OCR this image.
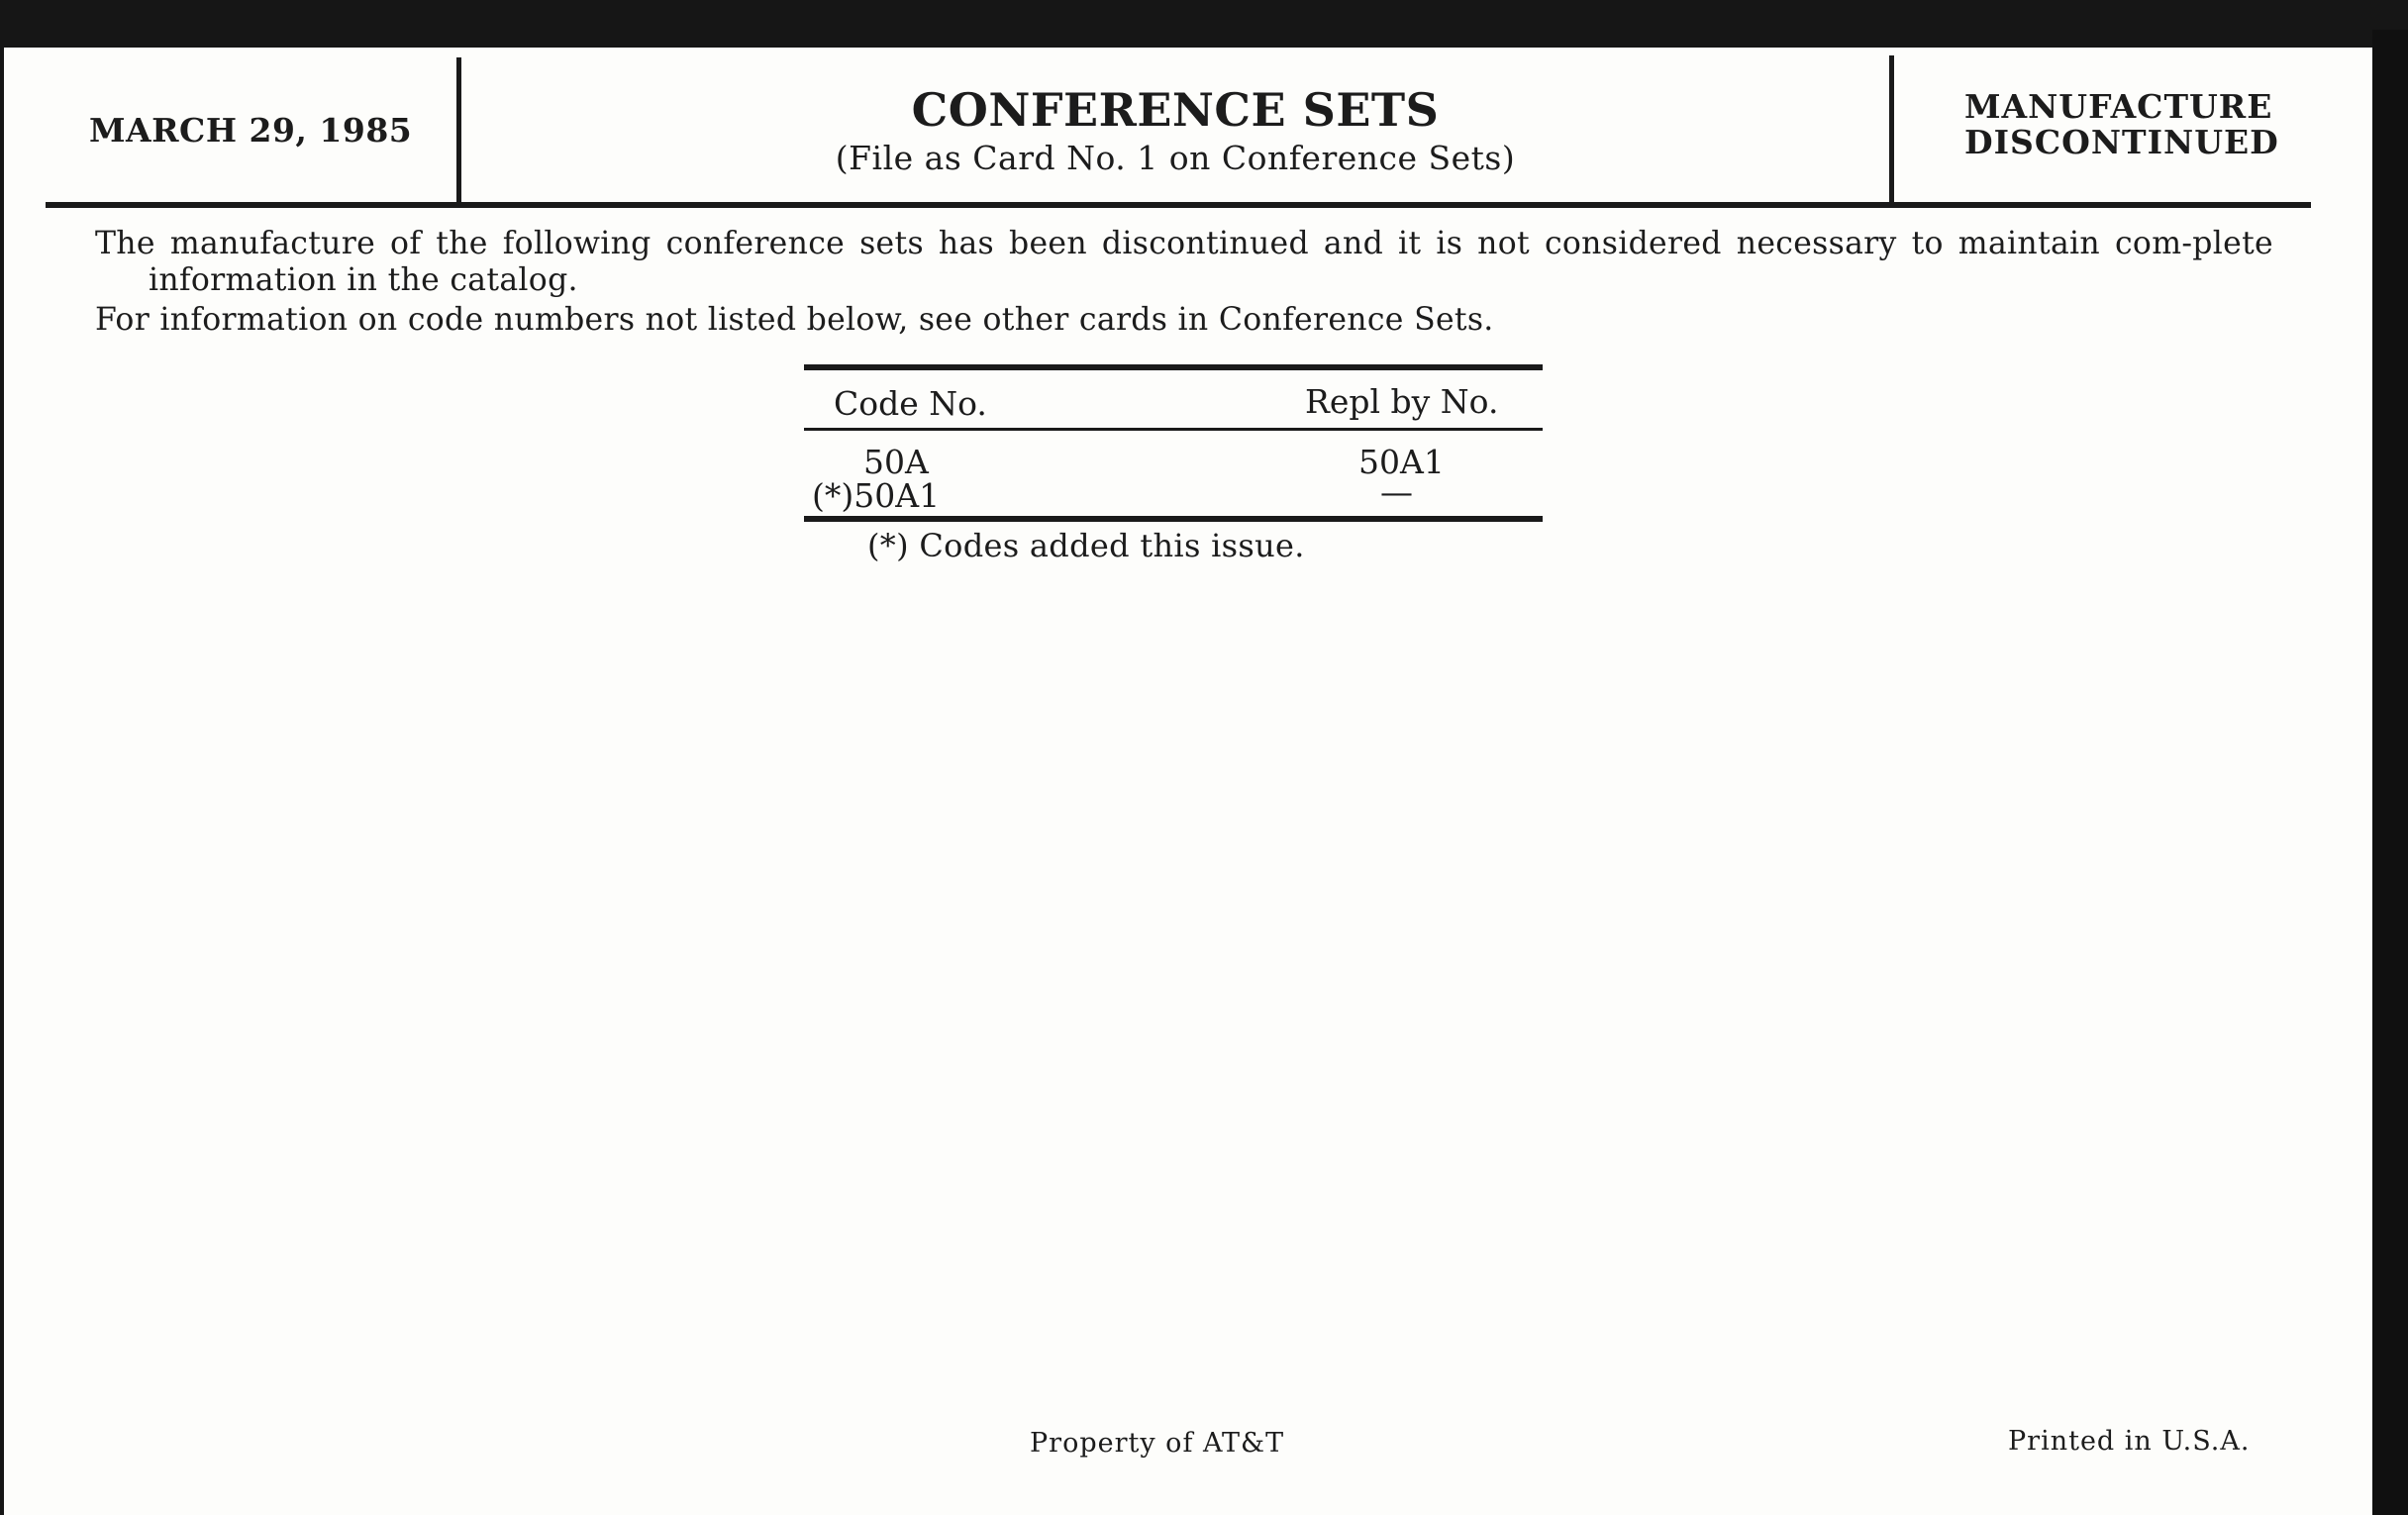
MARCH 29, 1985	CONFERENCE SETS
(File as Card No. 1 on Conference Sets)
MANUFACTURE
DISCONTINUED
The manufacture of the following conference sets has been discontinued and it is not considered necessary to maintain com-plete information in the catalog.
For information on code numbers not listed below, see other cards in Conference Sets.
Code No.	Repl by No.
50A	50A1
(*)50A1	—
(*) Codes added this issue.
Property of AT&T	Printed in U.S.A.
